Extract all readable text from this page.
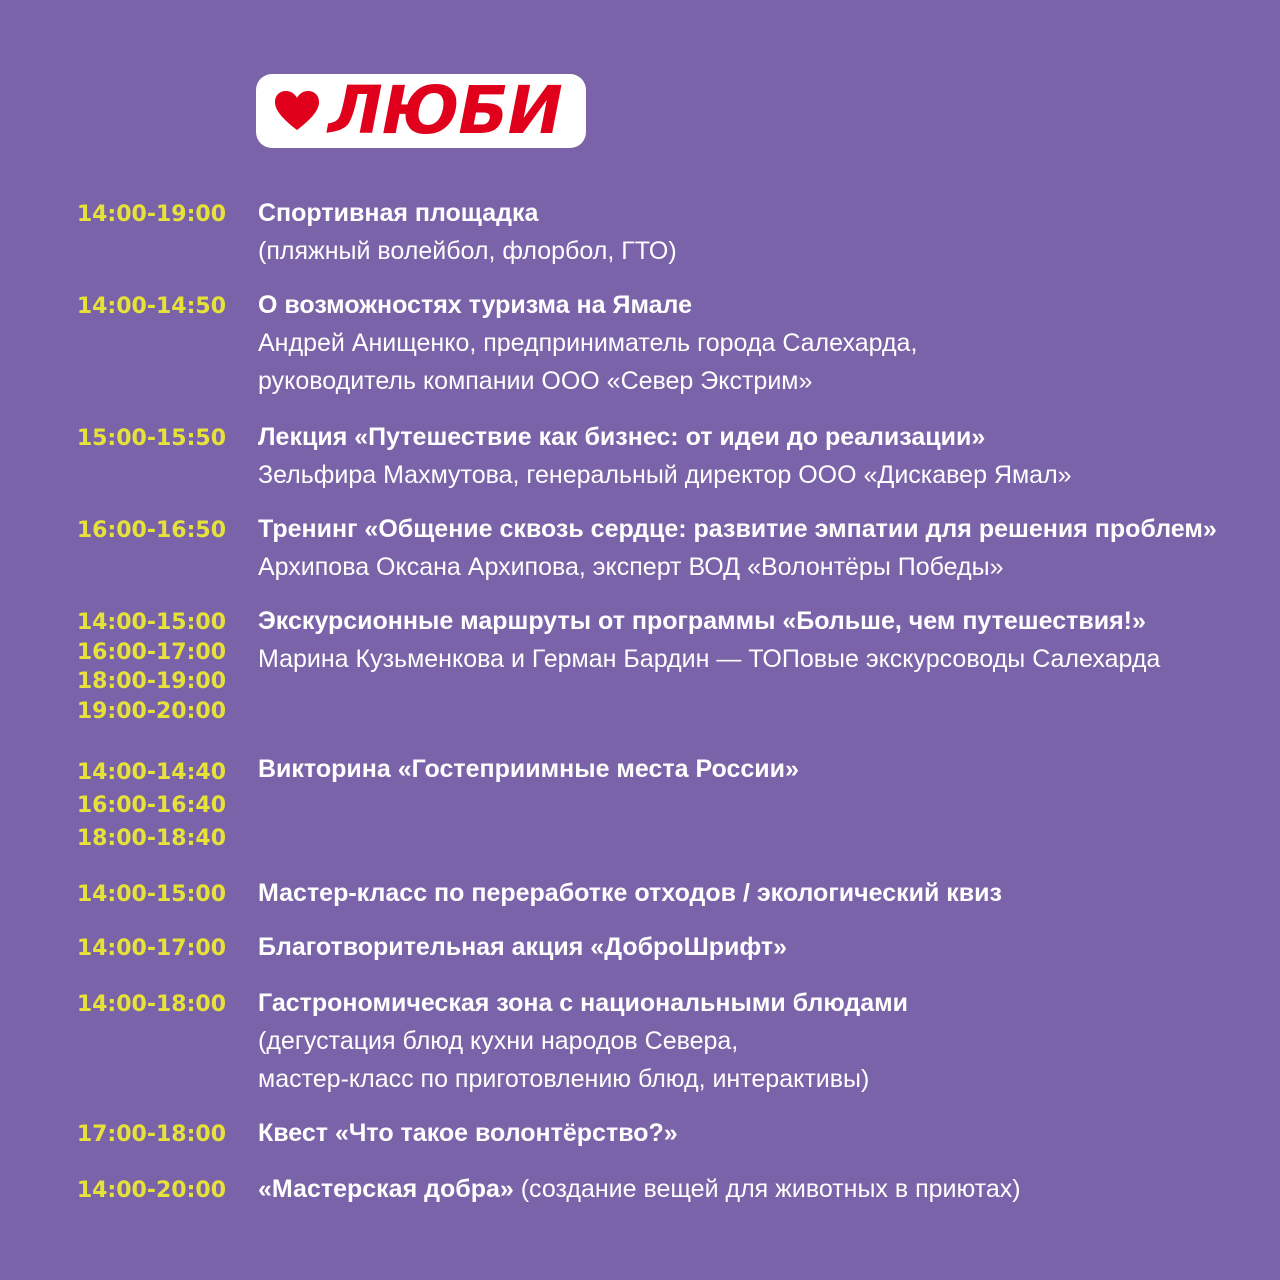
ЛЮБИ
14:00-19:00 Спортивная площадка
(пляжный волейбол, флорбол, ГТО)
14:00-14:50 О возможностях туризма на Ямале
Андрей Анищенко, предприниматель города Салехарда,
руководитель компании ООО «Север Экстрим»
15:00-15:50 Лекция «Путешествие как бизнес: от идеи до реализации»
Зельфира Махмутова, генеральный директор ООО «Дискавер Ямал»
16:00-16:50 Тренинг «Общение сквозь сердце: развитие эмпатии для решения проблем»
Архипова Оксана Архипова, эксперт ВОД «Волонтёры Победы»
14:00-15:00
16:00-17:00
18:00-19:00
19:00-20:00
Экскурсионные маршруты от программы «Больше, чем путешествия!»
Марина Кузьменкова и Герман Бардин — ТОПовые экскурсоводы Салехарда
14:00-14:40
16:00-16:40
18:00-18:40
Викторина «Гостеприимные места России»
14:00-15:00 Мастер-класс по переработке отходов / экологический квиз
14:00-17:00 Благотворительная акция «ДоброШрифт»
14:00-18:00 Гастрономическая зона с национальными блюдами
(дегустация блюд кухни народов Севера,
мастер-класс по приготовлению блюд, интерактивы)
17:00-18:00 Квест «Что такое волонтёрство?»
14:00-20:00 «Мастерская добра» (создание вещей для животных в приютах)
